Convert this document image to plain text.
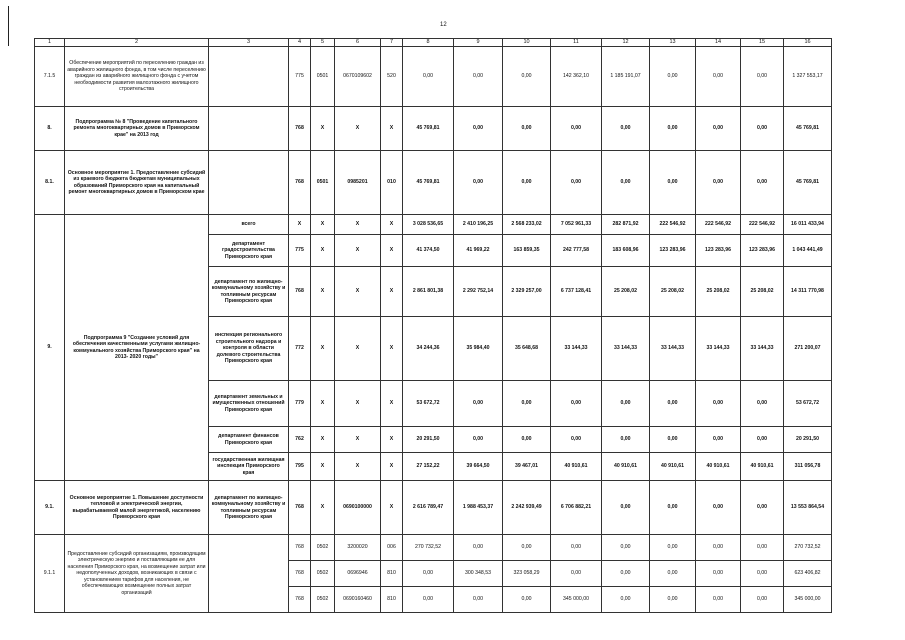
12
1	2	3	4	5	6	7	8	9	10	11	12	13	14	15	16
7.1.5	Обеспечение мероприятий по переселению граждан из аварийного жилищного фонда, в том числе переселению граждан из аварийного жилищного фонда с учетом необходимости развития малоэтажного жилищного строительства		775	0501	0670109602	520	0,00	0,00	0,00	142 362,10	1 185 191,07	0,00	0,00	0,00	1 327 553,17
8.	Подпрограмма № 8 "Проведение капитального ремонта многоквартирных домов в Приморском крае" на 2013 год		768	X	X	X	45 769,81	0,00	0,00	0,00	0,00	0,00	0,00	0,00	45 769,81
8.1.	Основное мероприятие 1. Предоставление субсидий из краевого бюджета бюджетам муниципальных образований Приморского края на капитальный ремонт многоквартирных домов в Приморском крае		768	0501	0985201	010	45 769,81	0,00	0,00	0,00	0,00	0,00	0,00	0,00	45 769,81
9.	Подпрограмма 9 "Создание условий для обеспечения качественными услугами жилищно-коммунального хозяйства Приморского края" на 2013- 2020 годы"	всего	X	X	X	X	3 028 536,65	2 410 196,25	2 568 233,02	7 052 961,33	282 871,92	222 546,92	222 546,92	222 546,92	16 011 433,94
		департамент градостроительства Приморского края	775	X	X	X	41 374,50	41 969,22	163 859,35	242 777,58	183 608,96	123 283,96	123 283,96	123 283,96	1 043 441,49
		департамент по жилищно-коммунальному хозяйству и топливным ресурсам Приморского края	768	X	X	X	2 861 801,38	2 292 752,14	2 329 257,00	6 737 128,41	25 208,02	25 208,02	25 208,02	25 208,02	14 311 770,98
		инспекция регионального строительного надзора и контроля в области долевого строительства Приморского края	772	X	X	X	34 244,36	35 984,40	35 648,68	33 144,33	33 144,33	33 144,33	33 144,33	33 144,33	271 200,07
		департамент земельных и имущественных отношений Приморского края	779	X	X	X	53 672,72	0,00	0,00	0,00	0,00	0,00	0,00	0,00	53 672,72
		департамент финансов Приморского края	762	X	X	X	20 291,50	0,00	0,00	0,00	0,00	0,00	0,00	0,00	20 291,50
		государственная жилищная инспекция Приморского края	795	X	X	X	27 152,22	39 664,50	39 467,01	40 910,61	40 910,61	40 910,61	40 910,61	40 910,61	311 056,78
9.1.	Основное мероприятие 1. Повышение доступности тепловой и электрической энергии, вырабатываемой малой энергетикой, населению Приморского края	департамент по жилищно-коммунальному хозяйству и топливным ресурсам Приморского края	768	X	0690100000	X	2 616 789,47	1 988 453,37	2 242 939,49	6 706 882,21	0,00	0,00	0,00	0,00	13 553 864,54
9.1.1	Предоставление субсидий организациям, производящим электрическую энергию и поставляющим ее для населения Приморского края, на возмещение затрат или недополученных доходов, возникающих в связи с установлением тарифов для населения, не обеспечивающих возмещение полных затрат организаций		768	0502	3200020	006	270 732,52	0,00	0,00	0,00	0,00	0,00	0,00	0,00	270 732,52
			768	0502	0696946	810	0,00	300 348,53	323 058,29	0,00	0,00	0,00	0,00	0,00	623 406,82
			768	0502	0690160460	810	0,00	0,00	0,00	345 000,00	0,00	0,00	0,00	0,00	345 000,00
